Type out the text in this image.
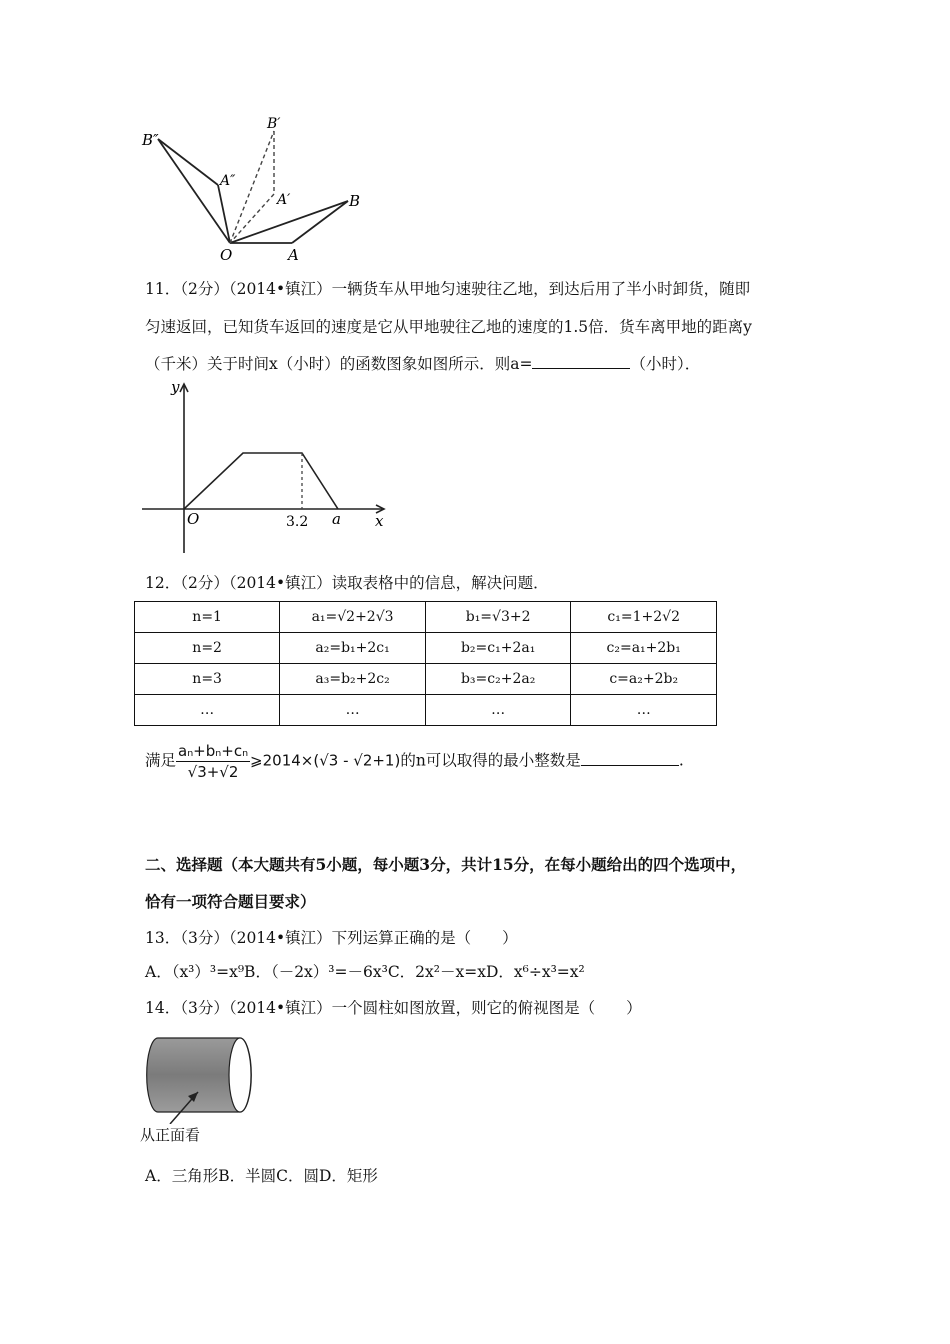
B″
A″
B′
A′	B
O	A
11．（2分）（2014•镇江）一辆货车从甲地匀速驶往乙地，到达后用了半小时卸货，随即
匀速返回，已知货车返回的速度是它从甲地驶往乙地的速度的1.5倍．货车离甲地的距离y
（千米）关于时间x（小时）的函数图象如图所示．则a=	（小时）．
y
x
O	3.2 a
12．（2分）（2014•镇江）读取表格中的信息，解决问题．
n=1	a₁=√2+2√3	b₁=√3+2	c₁=1+2√2
n=2	a₂=b₁+2c₁	b₂=c₁+2a₁	c₂=a₁+2b₁
n=3	a₃=b₂+2c₂	b₃=c₂+2a₂	c=a₂+2b₂
…	…	…	…
满足 $\frac{\text{aₙ+bₙ+cₙ}}{√3+√2}$ ⩾2014×(√3 - √2+1)的n可以取得的最小整数是	.
二、选择题（本大题共有5小题，每小题3分，共计15分，在每小题给出的四个选项中，
恰有一项符合题目要求）
13．（3分）（2014•镇江）下列运算正确的是（　　）
A．（x³）³=x⁹B．（－2x）³=－6x³C．2x²－x=xD．x⁶÷x³=x²
14．（3分）（2014•镇江）一个圆柱如图放置，则它的俯视图是（　　）
从正面看
A．三角形B．半圆C．圆D．矩形
